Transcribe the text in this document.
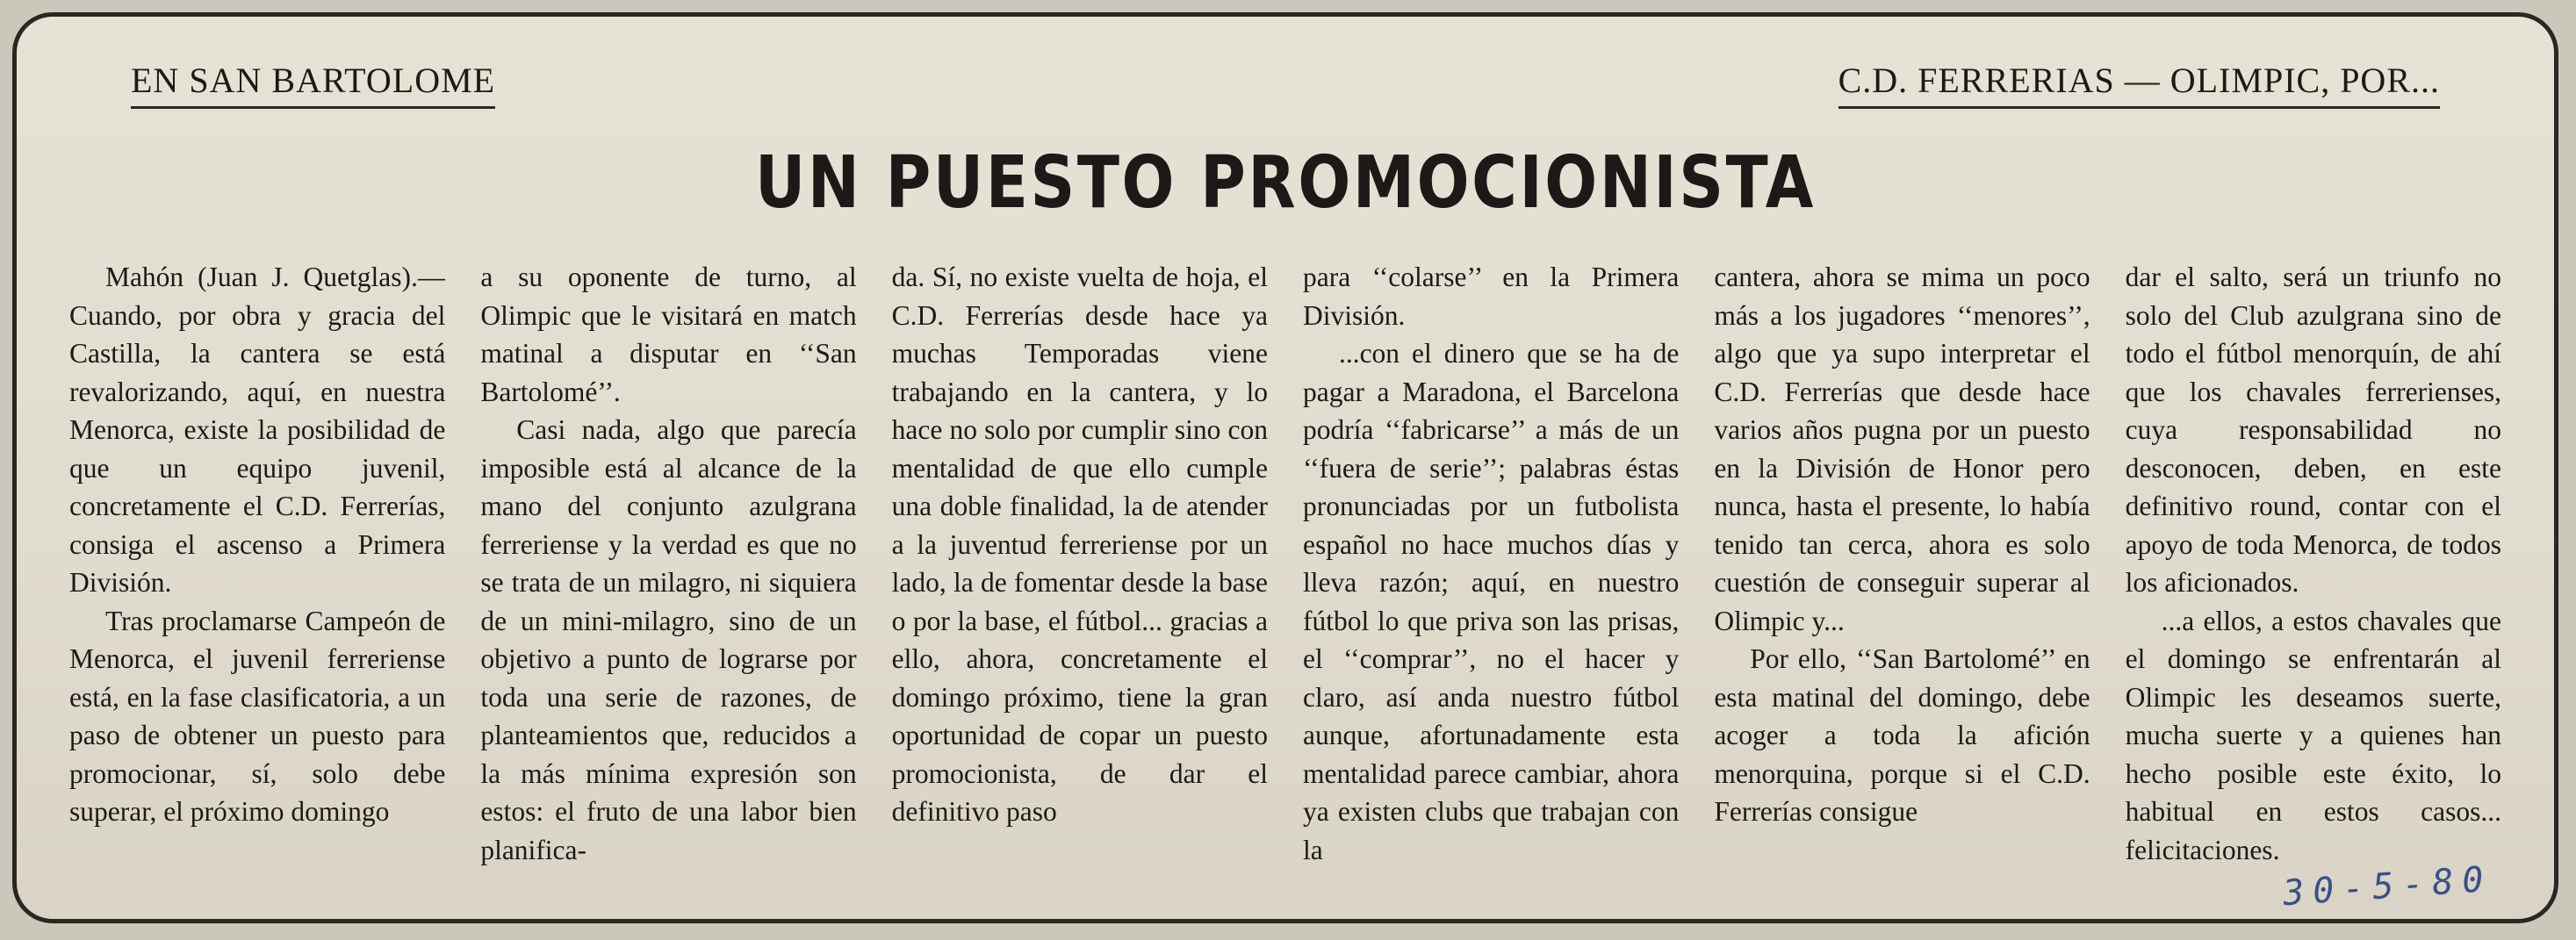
EN SAN BARTOLOME	C.D. FERRERIAS — OLIMPIC, POR...
UN PUESTO PROMOCIONISTA

Mahón (Juan J. Quetglas).— Cuando, por obra y gracia del Castilla, la cantera se está revalorizando, aquí, en nuestra Menorca, existe la posibilidad de que un equipo juvenil, concretamente el C.D. Ferrerías, consiga el ascenso a Primera División.

Tras proclamarse Campeón de Menorca, el juvenil ferreriense está, en la fase clasificatoria, a un paso de obtener un puesto para promocionar, sí, solo debe superar, el próximo domingo

a su oponente de turno, al Olimpic que le visitará en match matinal a disputar en ‘‘San Bartolomé’’.

Casi nada, algo que parecía imposible está al alcance de la mano del conjunto azulgrana ferreriense y la verdad es que no se trata de un milagro, ni siquiera de un mini-milagro, sino de un objetivo a punto de lograrse por toda una serie de razones, de planteamientos que, reducidos a la más mínima expresión son estos: el fruto de una labor bien planifica-

da. Sí, no existe vuelta de hoja, el C.D. Ferrerías desde hace ya muchas Temporadas viene trabajando en la cantera, y lo hace no solo por cumplir sino con mentalidad de que ello cumple una doble finalidad, la de atender a la juventud ferreriense por un lado, la de fomentar desde la base o por la base, el fútbol... gracias a ello, ahora, concretamente el domingo próximo, tiene la gran oportunidad de copar un puesto promocionista, de dar el definitivo paso

para ‘‘colarse’’ en la Primera División.

...con el dinero que se ha de pagar a Maradona, el Barcelona podría ‘‘fabricarse’’ a más de un ‘‘fuera de serie’’; palabras éstas pronunciadas por un futbolista español no hace muchos días y lleva razón; aquí, en nuestro fútbol lo que priva son las prisas, el ‘‘comprar’’, no el hacer y claro, así anda nuestro fútbol aunque, afortunadamente esta mentalidad parece cambiar, ahora ya existen clubs que trabajan con la

cantera, ahora se mima un poco más a los jugadores ‘‘menores’’, algo que ya supo interpretar el C.D. Ferrerías que desde hace varios años pugna por un puesto en la División de Honor pero nunca, hasta el presente, lo había tenido tan cerca, ahora es solo cuestión de conseguir superar al Olimpic y...

Por ello, ‘‘San Bartolomé’’ en esta matinal del domingo, debe acoger a toda la afición menorquina, porque si el C.D. Ferrerías consigue

dar el salto, será un triunfo no solo del Club azulgrana sino de todo el fútbol menorquín, de ahí que los chavales ferrerienses, cuya responsabilidad no desconocen, deben, en este definitivo round, contar con el apoyo de toda Menorca, de todos los aficionados.

...a ellos, a estos chavales que el domingo se enfrentarán al Olimpic les deseamos suerte, mucha suerte y a quienes han hecho posible este éxito, lo habitual en estos casos... felicitaciones.

30-5-80
